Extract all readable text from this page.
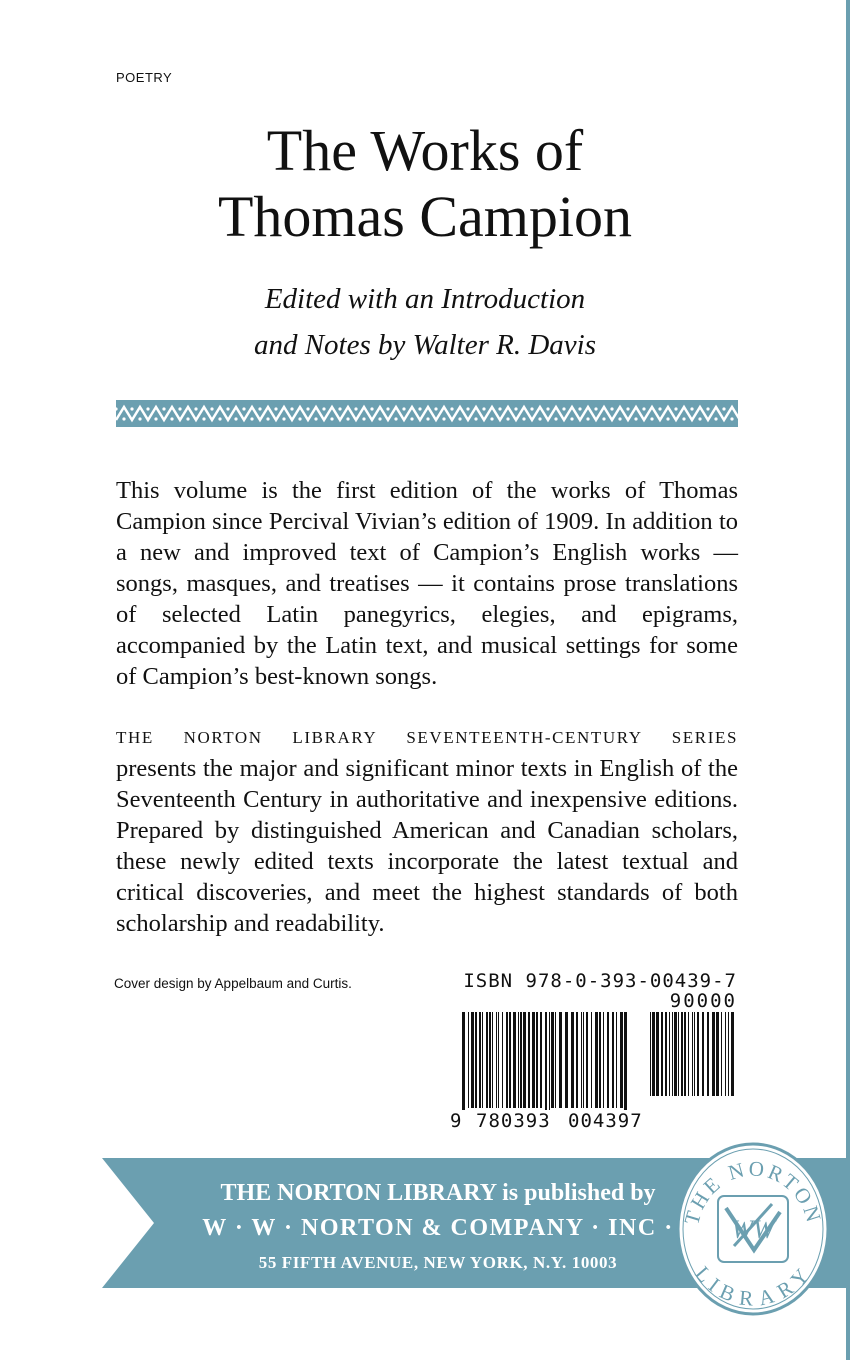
POETRY
The Works of
Thomas Campion
Edited with an Introduction
and Notes by Walter R. Davis

This volume is the first edition of the works of Thomas Campion since Percival Vivian’s edition of 1909. In addition to a new and improved text of Campion’s English works — songs, masques, and treatises — it contains prose translations of selected Latin panegyrics, elegies, and epigrams, accompanied by the Latin text, and musical settings for some of Campion’s best-known songs.

THE NORTON LIBRARY SEVENTEENTH-CENTURY SERIES
presents the major and significant minor texts in English of the Seventeenth Century in authoritative and inexpensive editions. Prepared by distinguished American and Canadian scholars, these newly edited texts incorporate the latest textual and critical discoveries, and meet the highest standards of both scholarship and readability.
Cover design by Appelbaum and Curtis.	ISBN 978-0-393-00439-7
90000
9 780393 004397
THE NORTON LIBRARY is published by
W · W · NORTON & COMPANY · INC ·
55 FIFTH AVENUE, NEW YORK, N.Y. 10003
THE NORTON
LIBRARY
WW
